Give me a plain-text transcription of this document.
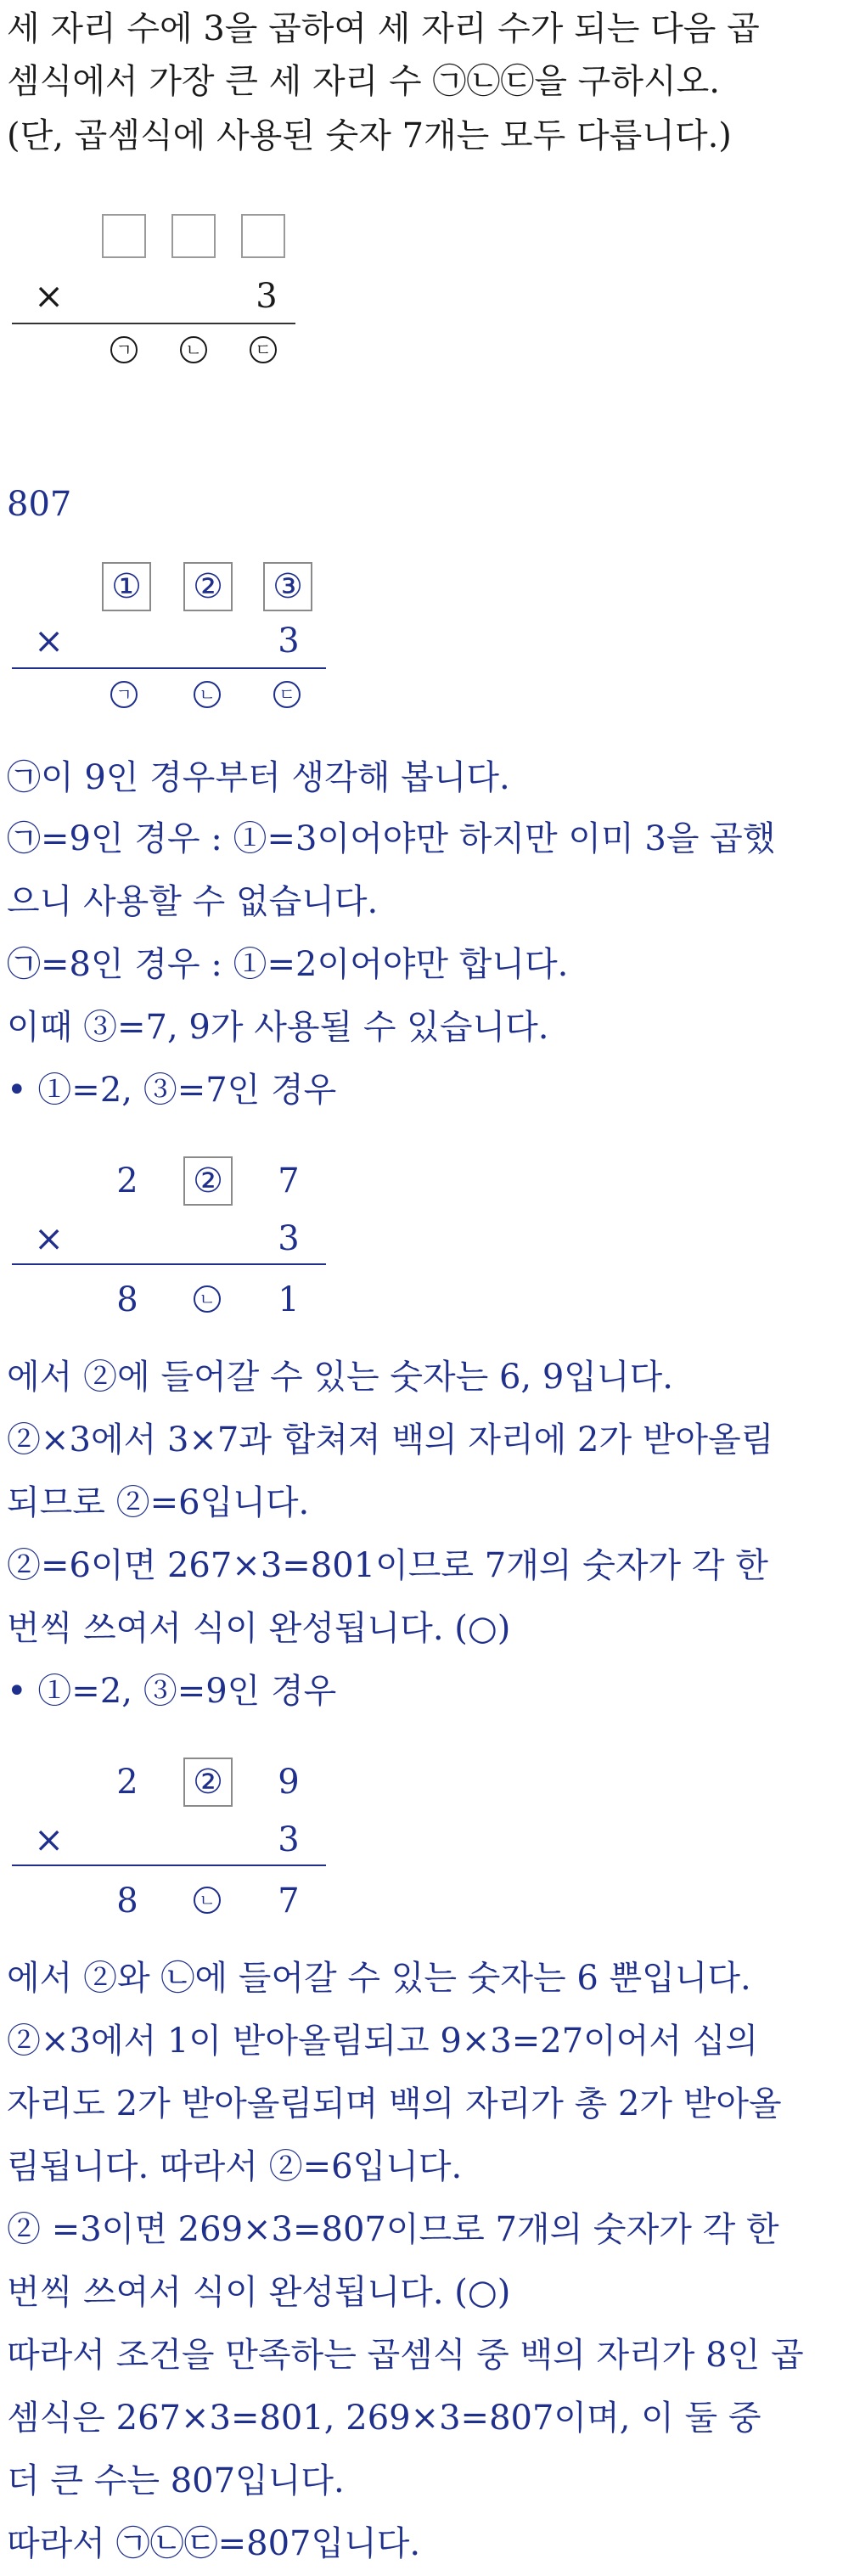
세 자리 수에 3을 곱하여 세 자리 수가 되는 다음 곱
셈식에서 가장 큰 세 자리 수 ㉠㉡㉢을 구하시오.
(단, 곱셈식에 사용된 숫자 7개는 모두 다릅니다.)
×	3
ㄱ	ㄴ	ㄷ
807
① ② ③
×	3
ㄱ	ㄴ	ㄷ
㉠이 9인 경우부터 생각해 봅니다.
㉠=9인 경우 : ①=3이어야만 하지만 이미 3을 곱했
으니 사용할 수 없습니다.
㉠=8인 경우 : ①=2이어야만 합니다.
이때 ③=7, 9가 사용될 수 있습니다.
• ①=2, ③=7인 경우
2	②	7
×	3
8	ㄴ	1
에서 ②에 들어갈 수 있는 숫자는 6, 9입니다.
②×3에서 3×7과 합쳐져 백의 자리에 2가 받아올림
되므로 ②=6입니다.
②=6이면 267×3=801이므로 7개의 숫자가 각 한
번씩 쓰여서 식이 완성됩니다. (○)
• ①=2, ③=9인 경우
2	②	9
×	3
8	ㄴ	7
에서 ②와 ㉡에 들어갈 수 있는 숫자는 6 뿐입니다.
②×3에서 1이 받아올림되고 9×3=27이어서 십의
자리도 2가 받아올림되며 백의 자리가 총 2가 받아올
림됩니다. 따라서 ②=6입니다.
② =3이면 269×3=807이므로 7개의 숫자가 각 한
번씩 쓰여서 식이 완성됩니다. (○)
따라서 조건을 만족하는 곱셈식 중 백의 자리가 8인 곱
셈식은 267×3=801, 269×3=807이며, 이 둘 중
더 큰 수는 807입니다.
따라서 ㉠㉡㉢=807입니다.
